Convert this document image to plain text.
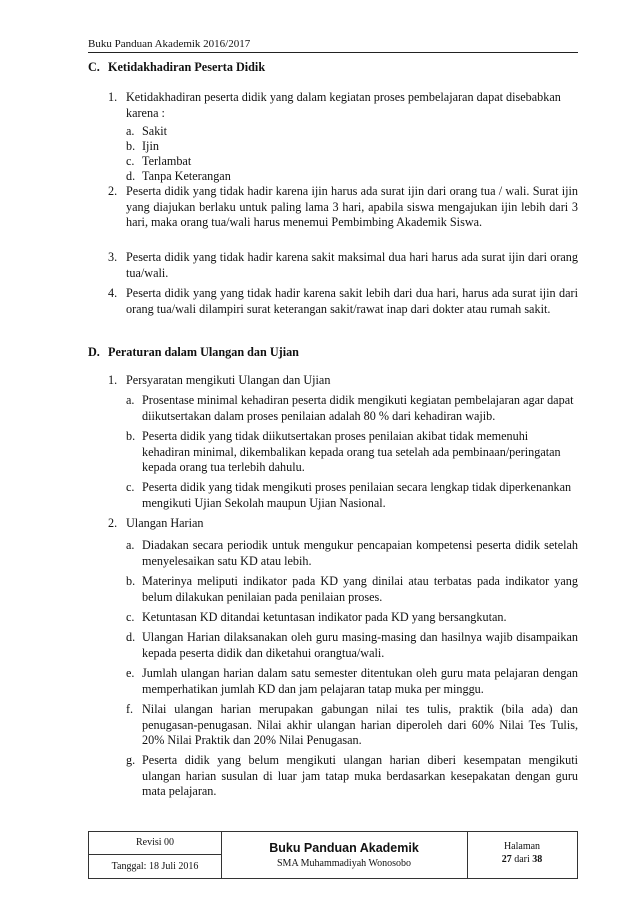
Buku Panduan Akademik 2016/2017
C. Ketidakhadiran Peserta Didik
1. Ketidakhadiran peserta didik yang dalam kegiatan proses pembelajaran dapat disebabkan karena :
a. Sakit
b. Ijin
c. Terlambat
d. Tanpa Keterangan
2. Peserta didik yang tidak hadir karena ijin harus ada surat ijin dari orang tua / wali. Surat ijin yang diajukan berlaku untuk paling lama 3 hari, apabila siswa mengajukan ijin lebih dari 3 hari, maka orang tua/wali harus menemui Pembimbing Akademik Siswa.
3. Peserta didik yang tidak hadir karena sakit maksimal dua hari harus ada surat ijin dari orang tua/wali.
4. Peserta didik yang yang tidak hadir karena sakit lebih dari dua hari, harus ada surat ijin dari orang tua/wali dilampiri surat keterangan sakit/rawat inap dari dokter atau rumah sakit.
D. Peraturan dalam Ulangan dan Ujian
1. Persyaratan mengikuti Ulangan dan Ujian
a. Prosentase minimal kehadiran peserta didik mengikuti kegiatan pembelajaran agar dapat diikutsertakan dalam proses penilaian adalah 80 % dari kehadiran wajib.
b. Peserta didik yang tidak diikutsertakan proses penilaian akibat tidak memenuhi kehadiran minimal, dikembalikan kepada orang tua setelah ada pembinaan/peringatan kepada orang tua terlebih dahulu.
c. Peserta didik yang tidak mengikuti proses penilaian secara lengkap tidak diperkenankan mengikuti Ujian Sekolah maupun Ujian Nasional.
2. Ulangan Harian
a. Diadakan secara periodik untuk mengukur pencapaian kompetensi peserta didik setelah menyelesaikan satu KD atau lebih.
b. Materinya meliputi indikator pada KD yang dinilai atau terbatas pada indikator yang belum dilakukan penilaian pada penilaian proses.
c. Ketuntasan KD ditandai ketuntasan indikator pada KD yang bersangkutan.
d. Ulangan Harian dilaksanakan oleh guru masing-masing dan hasilnya wajib disampaikan kepada peserta didik dan diketahui orangtua/wali.
e. Jumlah ulangan harian dalam satu semester ditentukan oleh guru mata pelajaran dengan memperhatikan jumlah KD dan jam pelajaran tatap muka per minggu.
f. Nilai ulangan harian merupakan gabungan nilai tes tulis, praktik (bila ada) dan penugasan-penugasan. Nilai akhir ulangan harian diperoleh dari 60% Nilai Tes Tulis, 20% Nilai Praktik dan 20% Nilai Penugasan.
g. Peserta didik yang belum mengikuti ulangan harian diberi kesempatan mengikuti ulangan harian susulan di luar jam tatap muka berdasarkan kesepakatan dengan guru mata pelajaran.
Revisi 00
Tanggal: 18 Juli 2016
Buku Panduan Akademik
SMA Muhammadiyah Wonosobo
Halaman
27 dari 38
